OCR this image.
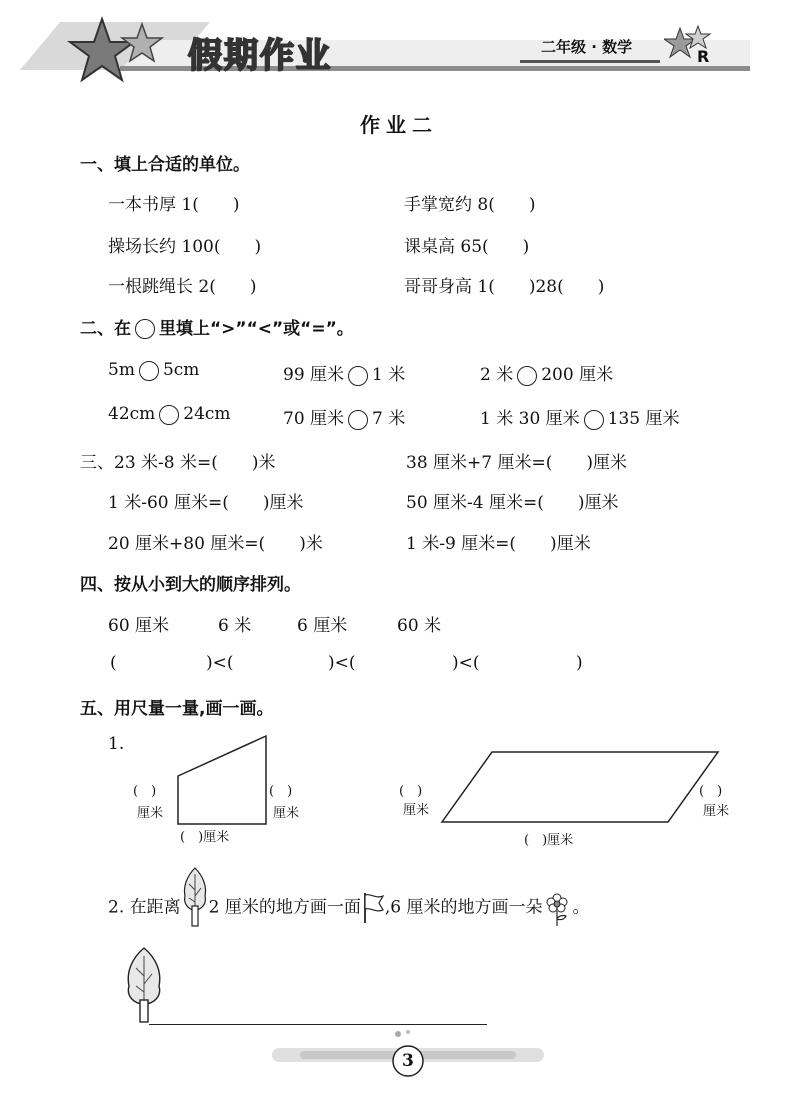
假期作业	二年级 · 数学	R
作业二
一、填上合适的单位。
一本书厚 1(　　)	手掌宽约 8(　　)
操场长约 100(　　)	课桌高 65(　　)
一根跳绳长 2(　　)	哥哥身高 1(　　)28(　　)
二、在 里填上“>”“<”或“=”。
5m 5cm	99 厘米 1 米	2 米 200 厘米
42cm 24cm	70 厘米 7 米	1 米 30 厘米 135 厘米
三、23 米-8 米=(　　)米	38 厘米+7 厘米=(　　)厘米
1 米-60 厘米=(　　)厘米	50 厘米-4 厘米=(　　)厘米
20 厘米+80 厘米=(　　)米	1 米-9 厘米=(　　)厘米
四、按从小到大的顺序排列。
60 厘米	6 米	6 厘米	60 米
(	)<(	)<(	)<(	)
五、用尺量一量,画一画。
1.
(　)
厘米
(　)
厘米
(　)厘米
(　)
厘米
(　)
厘米
(　)厘米
2. 在距离 2 厘米的地方画一面 ,6 厘米的地方画一朵 。
3
